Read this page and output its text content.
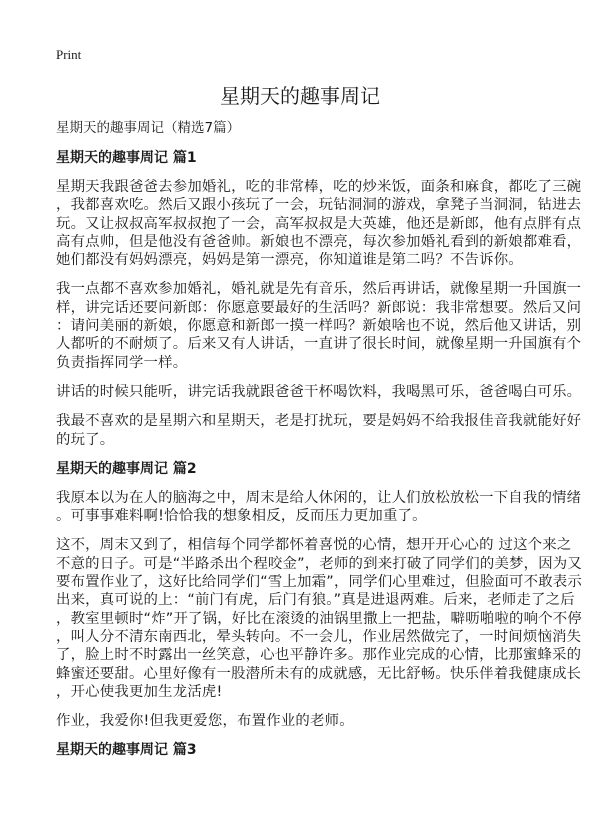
Print
星期天的趣事周记
星期天的趣事周记（精选7篇）
星期天的趣事周记 篇1
星期天我跟爸爸去参加婚礼，吃的非常棒，吃的炒米饭，面条和麻食，都吃了三碗
，我都喜欢吃。然后又跟小孩玩了一会，玩钻洞洞的游戏，拿凳子当洞洞，钻进去
玩。又让叔叔高军叔叔抱了一会，高军叔叔是大英雄，他还是新郎，他有点胖有点
高有点帅，但是他没有爸爸帅。新娘也不漂亮，每次参加婚礼看到的新娘都难看，
她们都没有妈妈漂亮，妈妈是第一漂亮，你知道谁是第二吗？不告诉你。
我一点都不喜欢参加婚礼，婚礼就是先有音乐，然后再讲话，就像星期一升国旗一
样，讲完话还要问新郎：你愿意要最好的生活吗？新郎说：我非常想要。然后又问
：请问美丽的新娘，你愿意和新郎一摸一样吗？新娘啥也不说，然后他又讲话，别
人都听的不耐烦了。后来又有人讲话，一直讲了很长时间，就像星期一升国旗有个
负责指挥同学一样。
讲话的时候只能听，讲完话我就跟爸爸干杯喝饮料，我喝黑可乐，爸爸喝白可乐。
我最不喜欢的是星期六和星期天，老是打扰玩，要是妈妈不给我报佳音我就能好好
的玩了。
星期天的趣事周记 篇2
我原本以为在人的脑海之中，周末是给人休闲的，让人们放松放松一下自我的情绪
。可事事难料啊!恰恰我的想象相反，反而压力更加重了。
这不，周末又到了，相信每个同学都怀着喜悦的心情，想开开心心的 过这个来之
不意的日子。可是“半路杀出个程咬金”，老师的到来打破了同学们的美梦，因为又
要布置作业了，这好比给同学们“雪上加霜”，同学们心里难过，但脸面可不敢表示
出来，真可说的上：“前门有虎，后门有狼。”真是进退两难。后来，老师走了之后
，教室里顿时“炸”开了锅，好比在滚烫的油锅里撒上一把盐，噼呖啪啦的响个不停
，叫人分不清东南西北，晕头转向。不一会儿，作业居然做完了，一时间烦恼消失
了，脸上时不时露出一丝笑意，心也平静许多。那作业完成的心情，比那蜜蜂采的
蜂蜜还要甜。心里好像有一股潜所未有的成就感，无比舒畅。快乐伴着我健康成长
，开心使我更加生龙活虎!
作业，我爱你!但我更爱您，布置作业的老师。
星期天的趣事周记 篇3
